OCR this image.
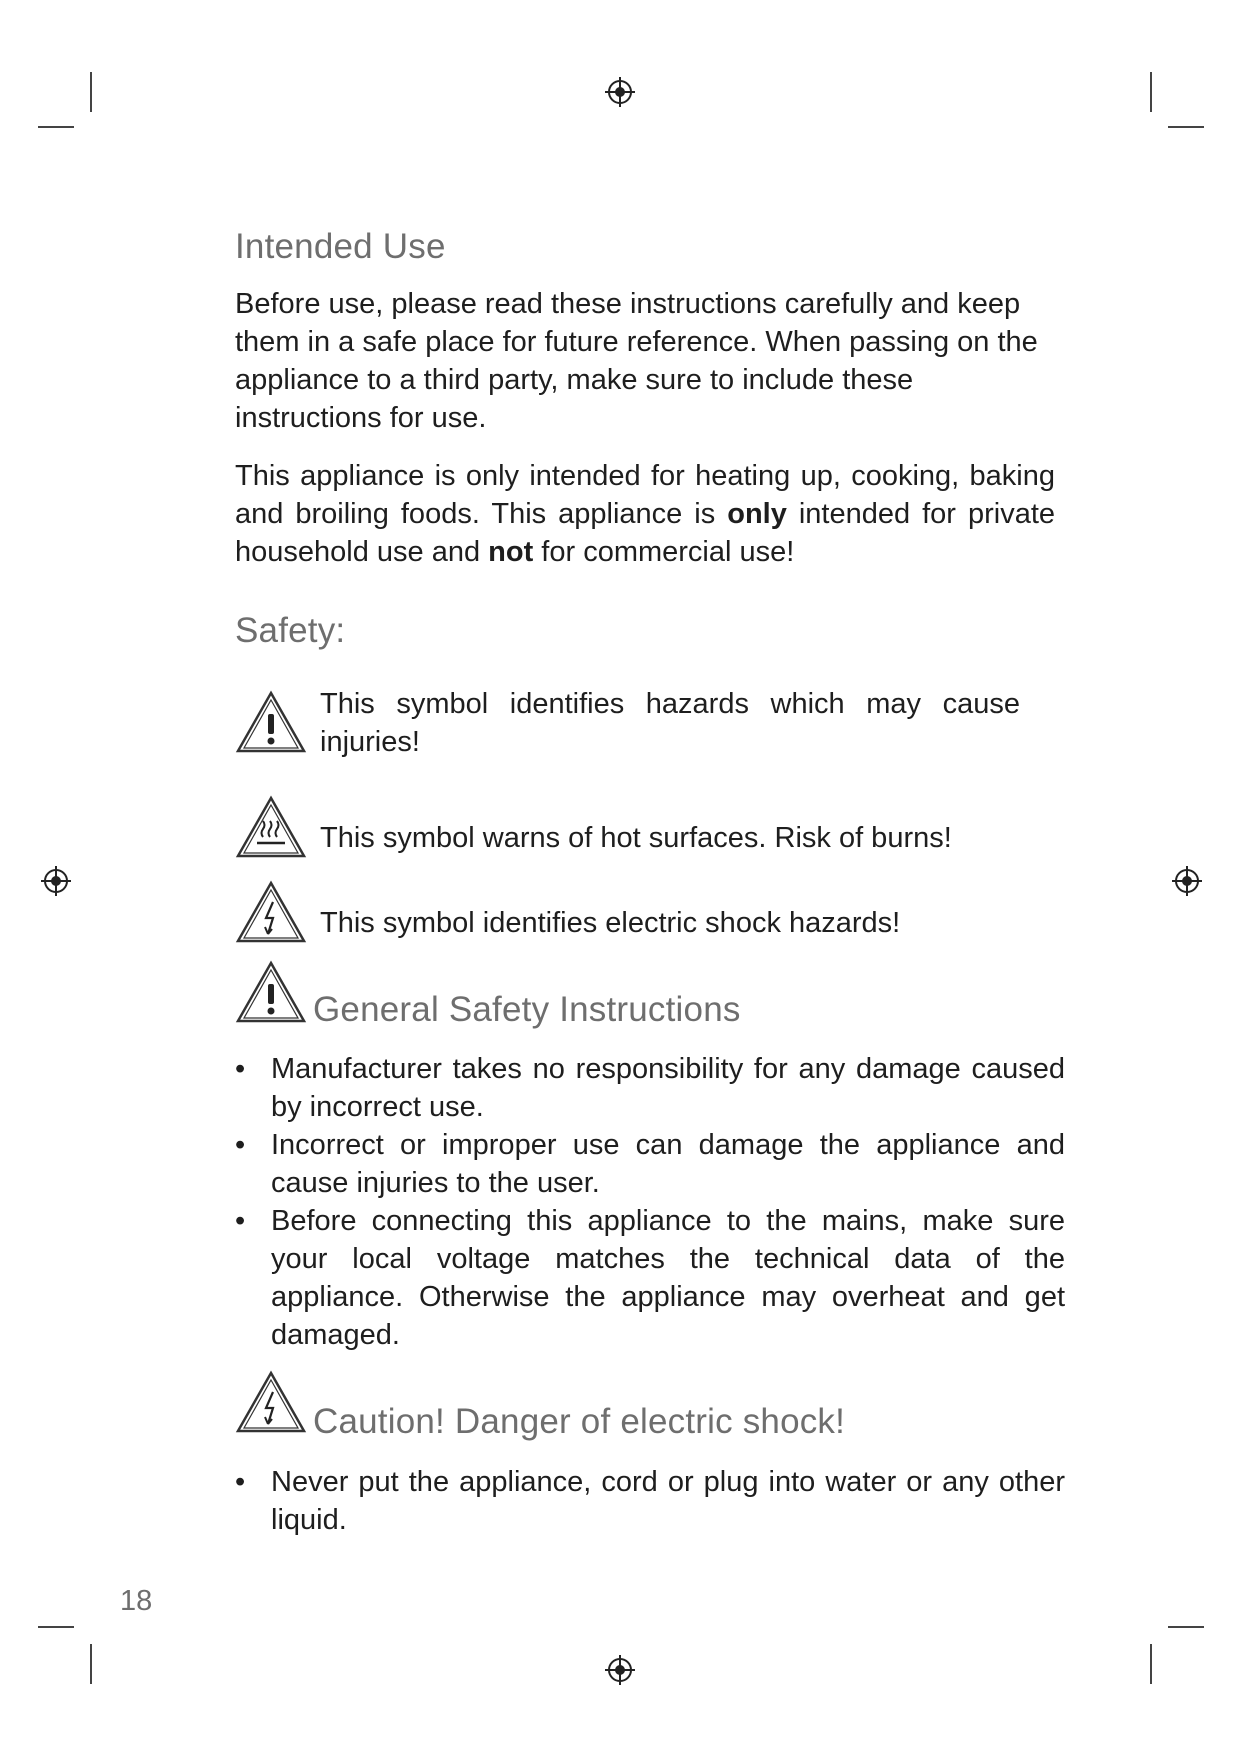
Intended Use

Before use, please read these instructions carefully and keep them in a safe place for future reference. When passing on the appliance to a third party, make sure to include these instructions for use.

This appliance is only intended for heating up, cooking, baking and broiling foods. This appliance is only intended for private household use and not for commercial use!

Safety:
This symbol identifies hazards which may cause injuries!
This symbol warns of hot surfaces. Risk of burns!
This symbol identifies electric shock hazards!
General Safety Instructions
• Manufacturer takes no responsibility for any damage caused by incorrect use.
• Incorrect or improper use can damage the appliance and cause injuries to the user.
• Before connecting this appliance to the mains, make sure your local voltage matches the technical data of the appliance. Otherwise the appliance may overheat and get damaged.
Caution! Danger of electric shock!
• Never put the appliance, cord or plug into water or any other liquid.
18
